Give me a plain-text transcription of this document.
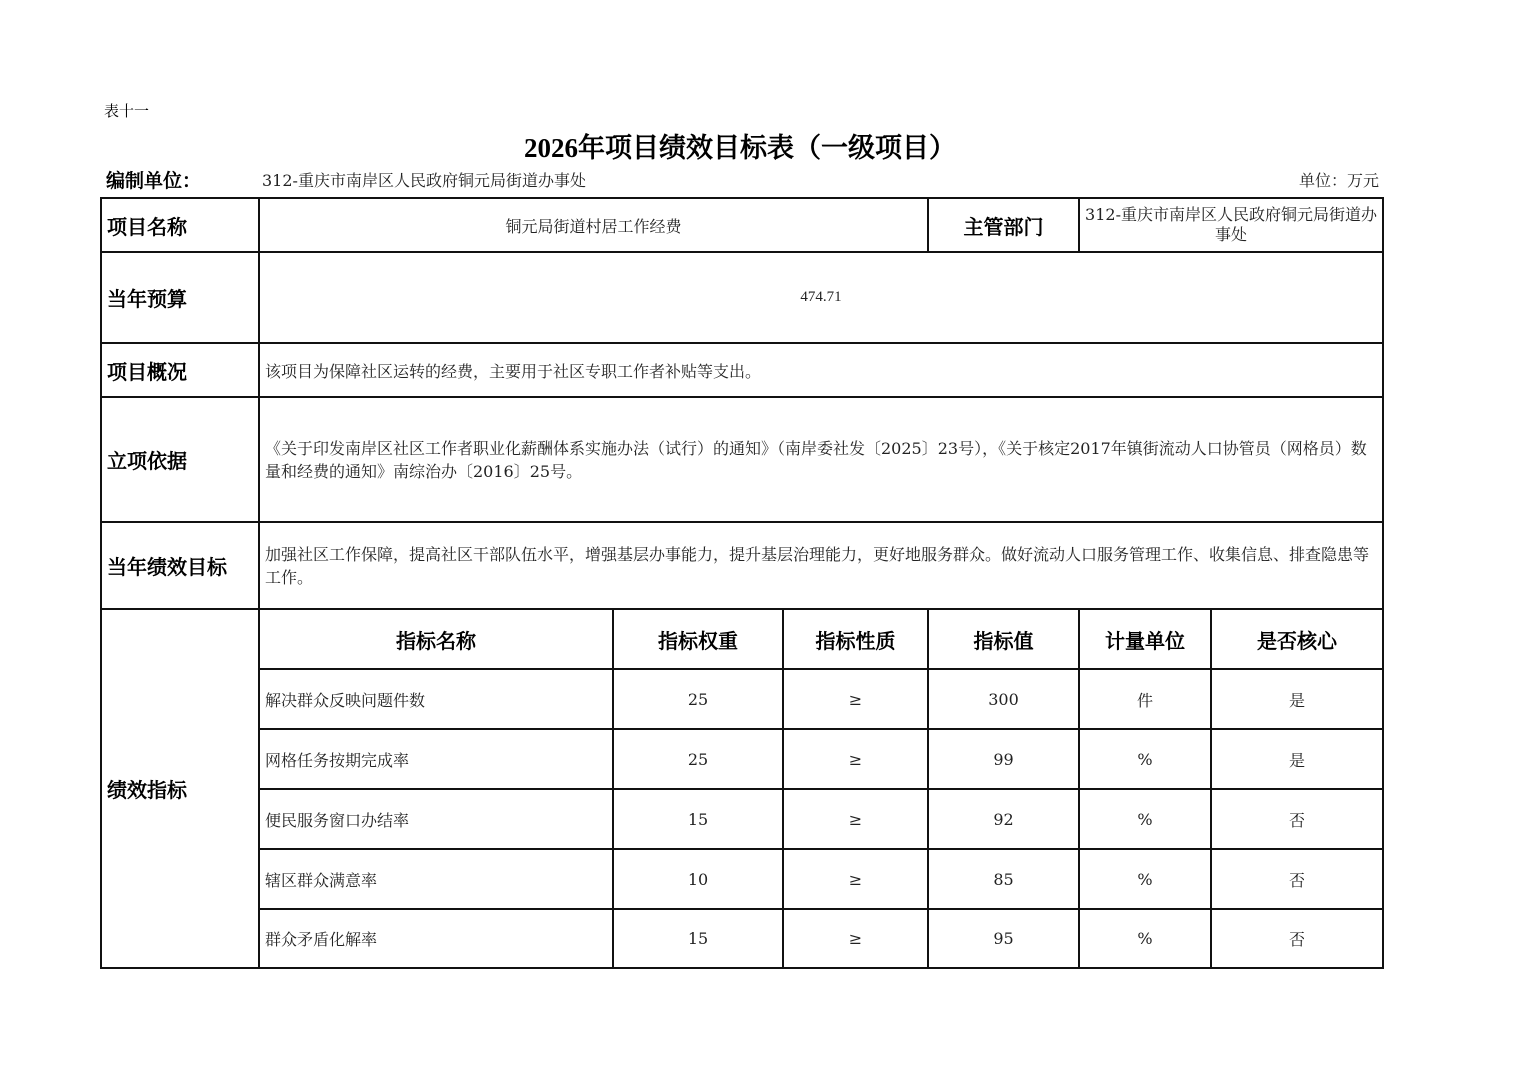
表十一
2026年项目绩效目标表（一级项目）
编制单位：	312-重庆市南岸区人民政府铜元局街道办事处	单位：万元
项目名称	铜元局街道村居工作经费			主管部门	312-重庆市南岸区人民政府铜元局街道办事处	
当年预算	474.71					
项目概况	该项目为保障社区运转的经费，主要用于社区专职工作者补贴等支出。					
立项依据	《关于印发南岸区社区工作者职业化薪酬体系实施办法（试行）的通知》（南岸委社发〔2025〕23号），《关于核定2017年镇街流动人口协管员（网格员）数量和经费的通知》南综治办〔2016〕25号。					
当年绩效目标	加强社区工作保障，提高社区干部队伍水平，增强基层办事能力，提升基层治理能力，更好地服务群众。做好流动人口服务管理工作、收集信息、排查隐患等工作。					
绩效指标	指标名称	指标权重	指标性质	指标值	计量单位	是否核心
	解决群众反映问题件数	25	≥	300	件	是
	网格任务按期完成率	25	≥	99	%	是
	便民服务窗口办结率	15	≥	92	%	否
	辖区群众满意率	10	≥	85	%	否
	群众矛盾化解率	15	≥	95	%	否
